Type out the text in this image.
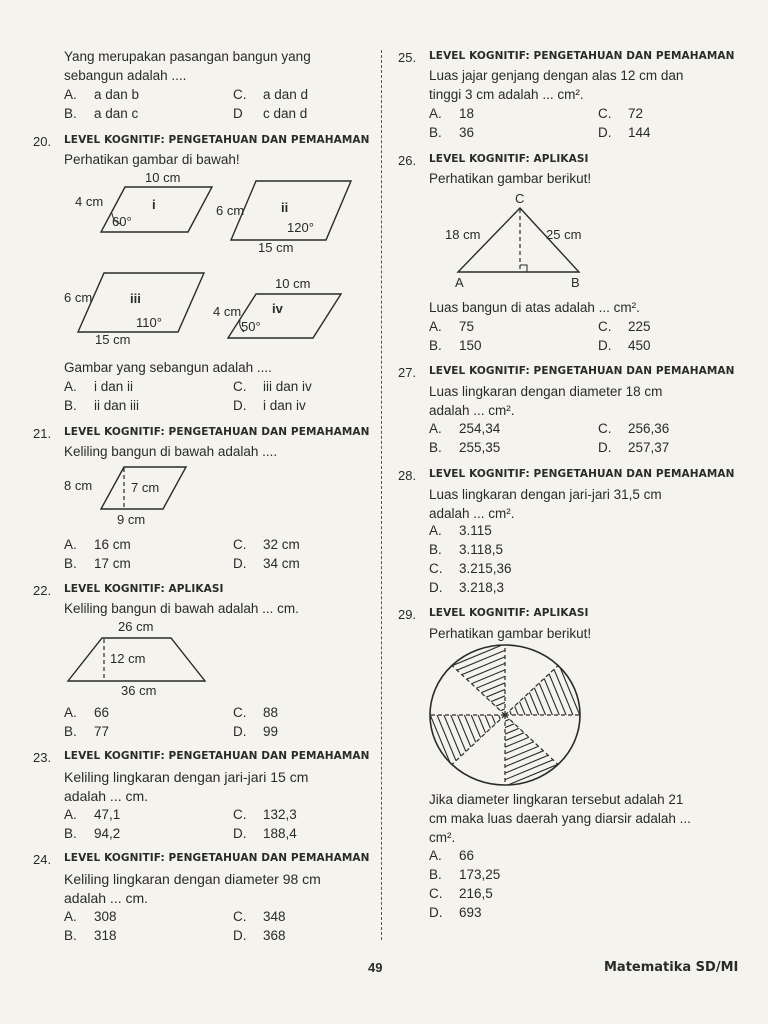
Yang merupakan pasangan bangun yang
sebangun adalah ....
A. a dan b	C. a dan d
B. a dan c	D c dan d
20. LEVEL KOGNITIF: PENGETAHUAN DAN PEMAHAMAN
Perhatikan gambar di bawah!
10 cm
4 cm
60°
i	6 cm
120°
15 cm
ii
6 cm
110°
15 cm
iii
10 cm
4 cm
50°
iv
Gambar yang sebangun adalah ....
A. i dan ii	C. iii dan iv
B. ii dan iii	D. i dan iv
21. LEVEL KOGNITIF: PENGETAHUAN DAN PEMAHAMAN
Keliling bangun di bawah adalah ....
8 cm	7 cm
9 cm
A. 16 cm	C. 32 cm
B. 17 cm	D. 34 cm
22. LEVEL KOGNITIF: APLIKASI
Keliling bangun di bawah adalah ... cm.
26 cm
12 cm
36 cm
A. 66	C. 88
B. 77	D. 99
23. LEVEL KOGNITIF: PENGETAHUAN DAN PEMAHAMAN
Keliling lingkaran dengan jari-jari 15 cm
adalah ... cm.
A. 47,1	C. 132,3
B. 94,2	D. 188,4
24. LEVEL KOGNITIF: PENGETAHUAN DAN PEMAHAMAN
Keliling lingkaran dengan diameter 98 cm
adalah ... cm.
A. 308	C. 348
B. 318	D. 368
25. LEVEL KOGNITIF: PENGETAHUAN DAN PEMAHAMAN
Luas jajar genjang dengan alas 12 cm dan
tinggi 3 cm adalah ... cm².
A. 18	C. 72
B. 36	D. 144
26. LEVEL KOGNITIF: APLIKASI
Perhatikan gambar berikut!
C
18 cm	25 cm
A	B
Luas bangun di atas adalah ... cm².
A. 75	C. 225
B. 150	D. 450
27. LEVEL KOGNITIF: PENGETAHUAN DAN PEMAHAMAN
Luas lingkaran dengan diameter 18 cm
adalah ... cm².
A. 254,34	C. 256,36
B. 255,35	D. 257,37
28. LEVEL KOGNITIF: PENGETAHUAN DAN PEMAHAMAN
Luas lingkaran dengan jari-jari 31,5 cm
adalah ... cm².
A. 3.115
B. 3.118,5
C. 3.215,36
D. 3.218,3
29. LEVEL KOGNITIF: APLIKASI
Perhatikan gambar berikut!
Jika diameter lingkaran tersebut adalah 21
cm maka luas daerah yang diarsir adalah ...
cm².
A. 66
B. 173,25
C. 216,5
D. 693
49	Matematika SD/MI
